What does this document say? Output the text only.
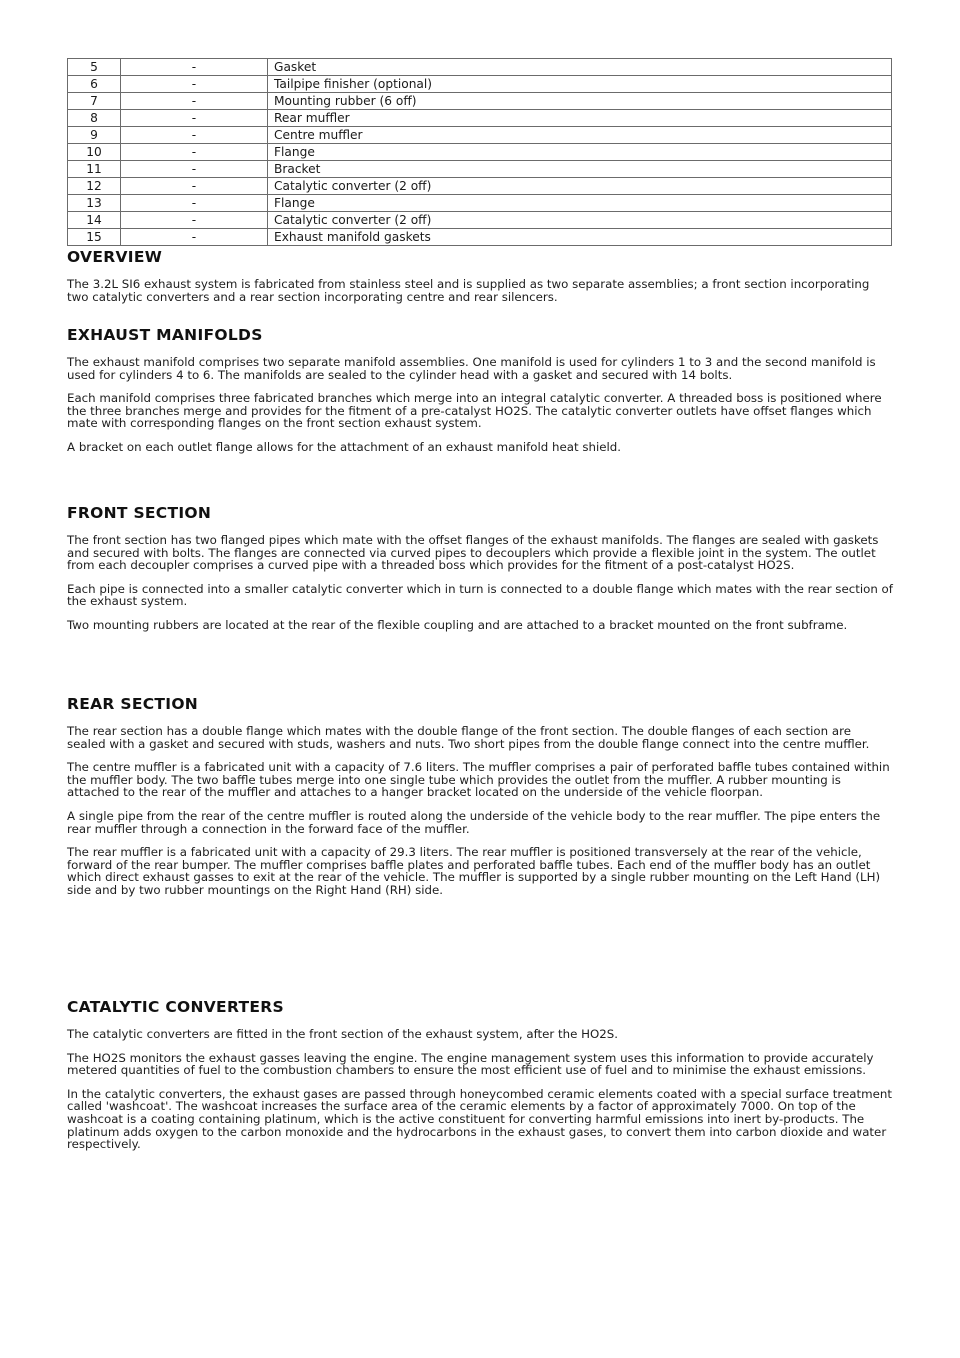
5	-	Gasket
6	-	Tailpipe finisher (optional)
7	-	Mounting rubber (6 off)
8	-	Rear muffler
9	-	Centre muffler
10	-	Flange
11	-	Bracket
12	-	Catalytic converter (2 off)
13	-	Flange
14	-	Catalytic converter (2 off)
15	-	Exhaust manifold gaskets
OVERVIEW

The 3.2L SI6 exhaust system is fabricated from stainless steel and is supplied as two separate assemblies; a front section incorporating two catalytic converters and a rear section incorporating centre and rear silencers.

EXHAUST MANIFOLDS

The exhaust manifold comprises two separate manifold assemblies. One manifold is used for cylinders 1 to 3 and the second manifold is used for cylinders 4 to 6. The manifolds are sealed to the cylinder head with a gasket and secured with 14 bolts.

Each manifold comprises three fabricated branches which merge into an integral catalytic converter. A threaded boss is positioned where the three branches merge and provides for the fitment of a pre-catalyst HO2S. The catalytic converter outlets have offset flanges which mate with corresponding flanges on the front section exhaust system.

A bracket on each outlet flange allows for the attachment of an exhaust manifold heat shield.

FRONT SECTION

The front section has two flanged pipes which mate with the offset flanges of the exhaust manifolds. The flanges are sealed with gaskets and secured with bolts. The flanges are connected via curved pipes to decouplers which provide a flexible joint in the system. The outlet from each decoupler comprises a curved pipe with a threaded boss which provides for the fitment of a post-catalyst HO2S.

Each pipe is connected into a smaller catalytic converter which in turn is connected to a double flange which mates with the rear section of the exhaust system.

Two mounting rubbers are located at the rear of the flexible coupling and are attached to a bracket mounted on the front subframe.

REAR SECTION

The rear section has a double flange which mates with the double flange of the front section. The double flanges of each section are sealed with a gasket and secured with studs, washers and nuts. Two short pipes from the double flange connect into the centre muffler.

The centre muffler is a fabricated unit with a capacity of 7.6 liters. The muffler comprises a pair of perforated baffle tubes contained within the muffler body. The two baffle tubes merge into one single tube which provides the outlet from the muffler. A rubber mounting is attached to the rear of the muffler and attaches to a hanger bracket located on the underside of the vehicle floorpan.

A single pipe from the rear of the centre muffler is routed along the underside of the vehicle body to the rear muffler. The pipe enters the rear muffler through a connection in the forward face of the muffler.

The rear muffler is a fabricated unit with a capacity of 29.3 liters. The rear muffler is positioned transversely at the rear of the vehicle, forward of the rear bumper. The muffler comprises baffle plates and perforated baffle tubes. Each end of the muffler body has an outlet which direct exhaust gasses to exit at the rear of the vehicle. The muffler is supported by a single rubber mounting on the Left Hand (LH) side and by two rubber mountings on the Right Hand (RH) side.

CATALYTIC CONVERTERS

The catalytic converters are fitted in the front section of the exhaust system, after the HO2S.

The HO2S monitors the exhaust gasses leaving the engine. The engine management system uses this information to provide accurately metered quantities of fuel to the combustion chambers to ensure the most efficient use of fuel and to minimise the exhaust emissions.

In the catalytic converters, the exhaust gases are passed through honeycombed ceramic elements coated with a special surface treatment called 'washcoat'. The washcoat increases the surface area of the ceramic elements by a factor of approximately 7000. On top of the washcoat is a coating containing platinum, which is the active constituent for converting harmful emissions into inert by-products. The platinum adds oxygen to the carbon monoxide and the hydrocarbons in the exhaust gases, to convert them into carbon dioxide and water respectively.
